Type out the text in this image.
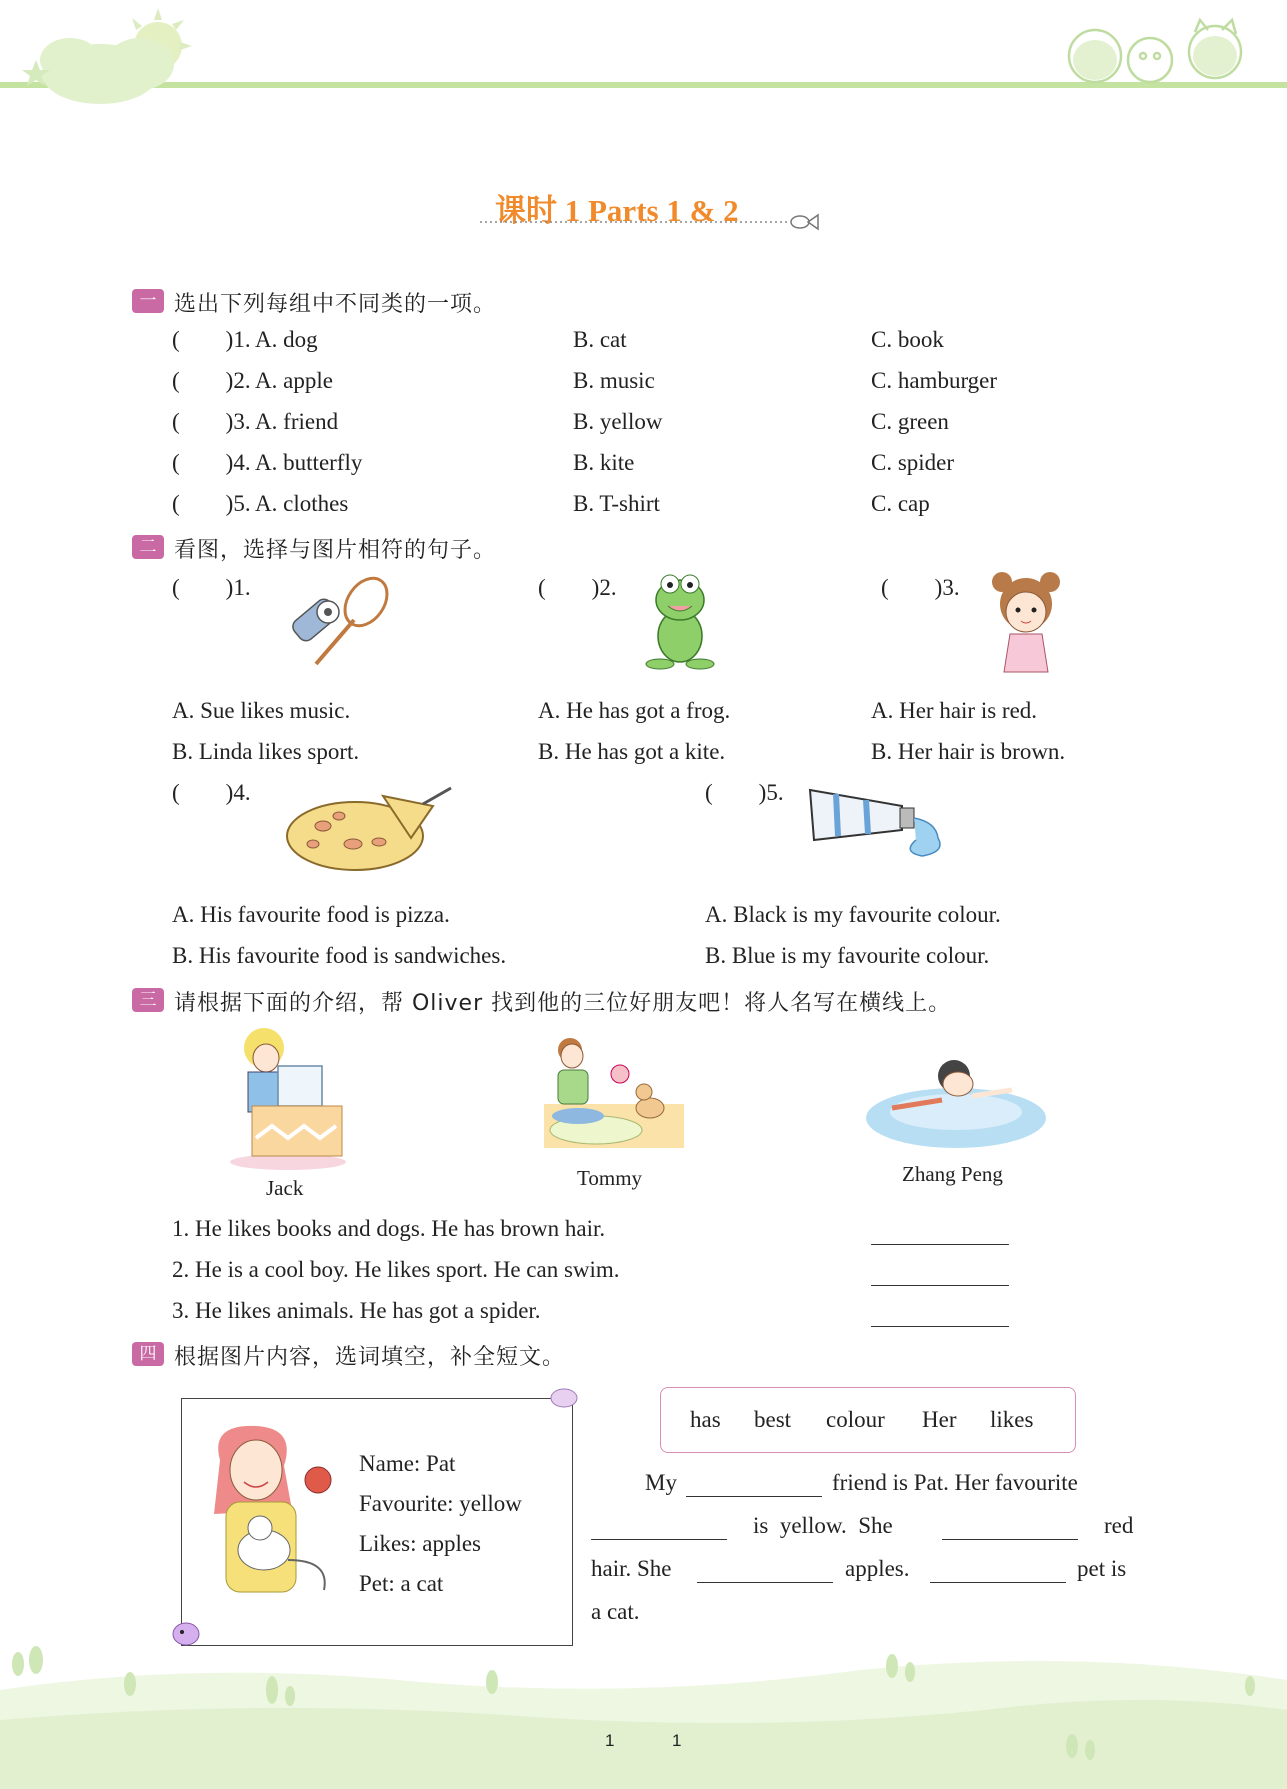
课时 1 Parts 1 & 2
一 选出下列每组中不同类的一项。
(        )1. A. dog	B. cat	C. book
(        )2. A. apple	B. music	C. hamburger
(        )3. A. friend	B. yellow	C. green
(        )4. A. butterfly	B. kite	C. spider
(        )5. A. clothes	B. T-shirt	C. cap
二 看图，选择与图片相符的句子。
(        )1.
A. Sue likes music.
B. Linda likes sport.
(        )2.
A. He has got a frog.
B. He has got a kite.
(        )3.
A. Her hair is red.
B. Her hair is brown.
(        )4.
A. His favourite food is pizza.
B. His favourite food is sandwiches.
(        )5.
A. Black is my favourite colour.
B. Blue is my favourite colour.
三 请根据下面的介绍，帮 Oliver 找到他的三位好朋友吧！将人名写在横线上。
Jack	Tommy	Zhang Peng
1. He likes books and dogs. He has brown hair.
2. He is a cool boy. He likes sport. He can swim.
3. He likes animals. He has got a spider.
四 根据图片内容，选词填空，补全短文。
Name: Pat
Favourite: yellow
Likes: apples
Pet: a cat
has best colour Her likes
My	friend is Pat. Her favourite
is  yellow.  She	red
hair. She	apples.	pet is
a cat.
1	1
